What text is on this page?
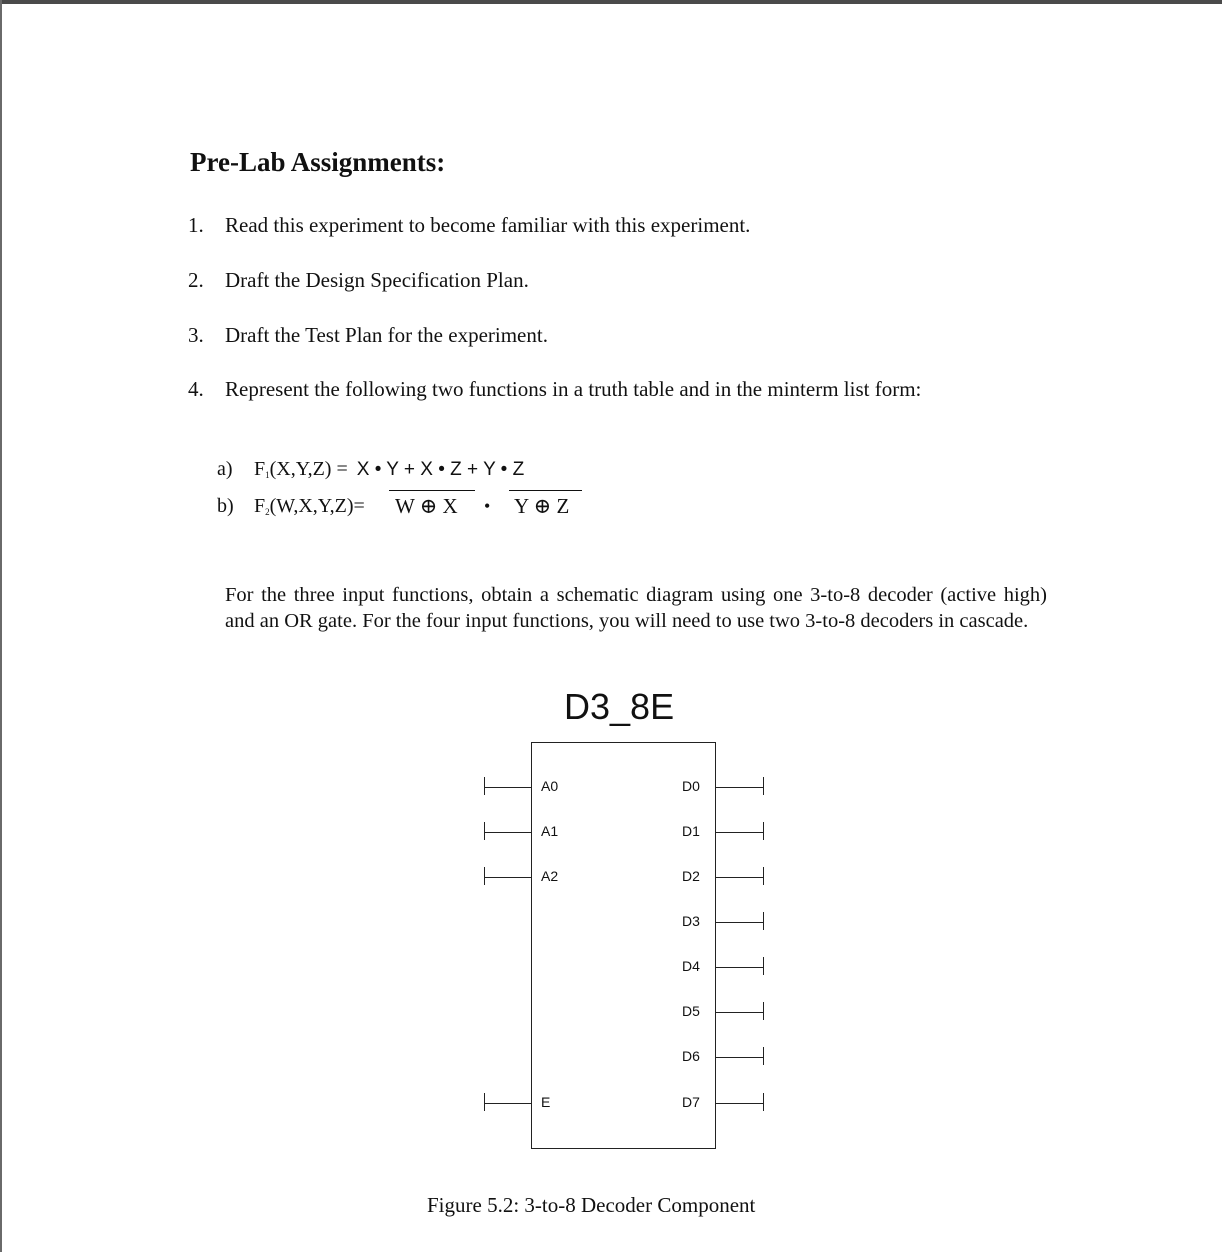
Pre-Lab Assignments:
1. Read this experiment to become familiar with this experiment.
2. Draft the Design Specification Plan.
3. Draft the Test Plan for the experiment.
4. Represent the following two functions in a truth table and in the minterm list form:
a) $F_1(X,Y,Z) = X$ • Y + X • Z + Y • Z
b) $F_2(W,X,Y,Z)= W$ ⊕ X • Y ⊕ Z

For the three input functions, obtain a schematic diagram using one 3-to-8 decoder (active high) and an OR gate. For the four input functions, you will need to use two 3-to-8 decoders in cascade.

D3_8E
A0
A1
A2
E
D0
D1
D2
D3
D4
D5
D6
D7
Figure 5.2: 3-to-8 Decoder Component
